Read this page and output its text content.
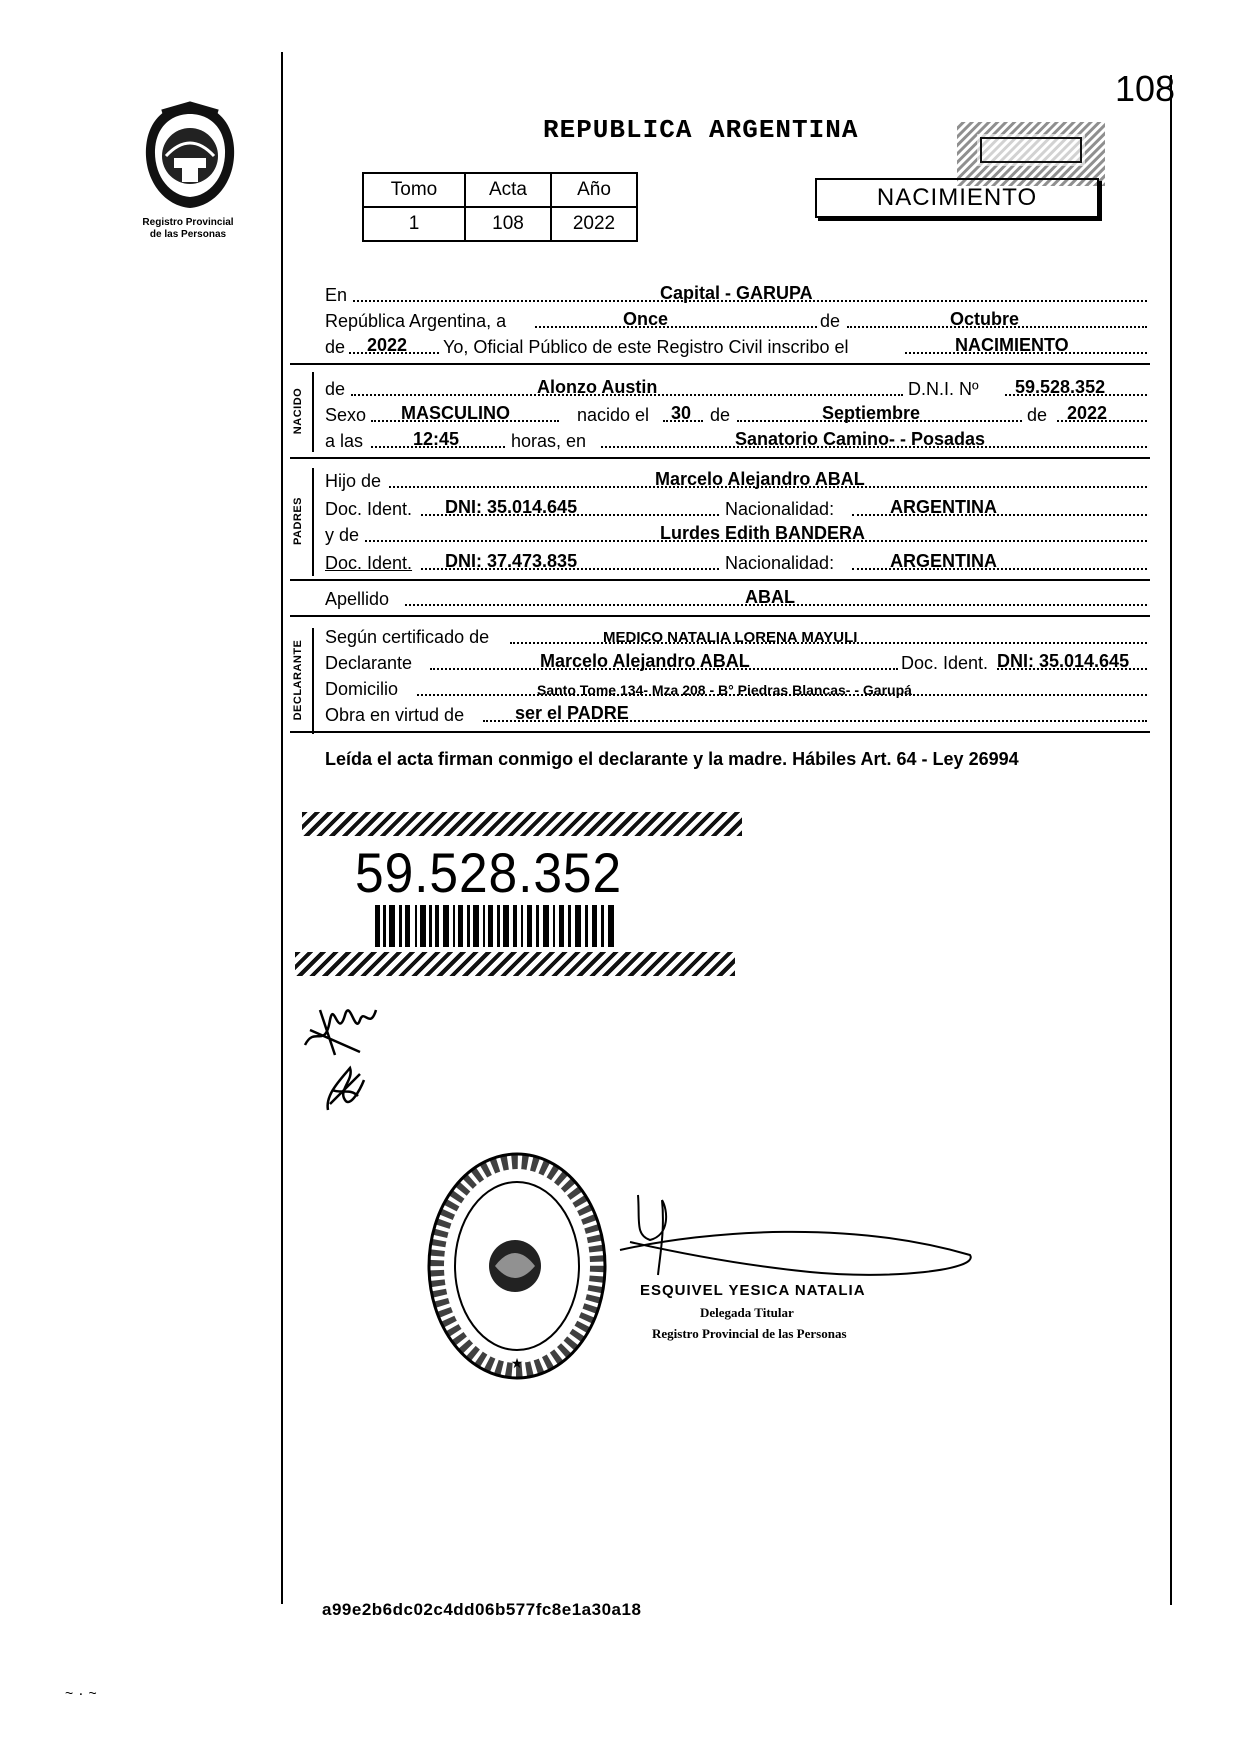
Registro Provincial
de las Personas
108
REPUBLICA ARGENTINA
Tomo	Acta	Año
1	108	2022
NACIMIENTO
En	Capital - GARUPA
República Argentina, a	Once	de	Octubre
de 2022 Yo, Oficial Público de este Registro Civil inscribo el	NACIMIENTO
NACIDO de	Alonzo Austin	D.N.I. Nº 59.528.352
Sexo MASCULINO	nacido el 30 de	Septiembre	de 2022
a las	12:45	horas, en	Sanatorio Camino- - Posadas
PADRES
Hijo de	Marcelo Alejandro ABAL
Doc. Ident. DNI: 35.014.645	Nacionalidad:	ARGENTINA
y de	Lurdes Edith BANDERA
Doc. Ident. DNI: 37.473.835	Nacionalidad:	ARGENTINA
Apellido	ABAL
DECLARANTE
Según certificado de	MEDICO NATALIA LORENA MAYULI
Declarante	Marcelo Alejandro ABAL	Doc. Ident. DNI: 35.014.645
Domicilio	Santo Tome 134- Mza 208 - B° Piedras Blancas- - Garupá
Obra en virtud de	ser el PADRE
Leída el acta firman conmigo el declarante y la madre. Hábiles Art. 64 - Ley 26994
59.528.352
★
ESQUIVEL YESICA NATALIA
Delegada Titular
Registro Provincial de las Personas
a99e2b6dc02c4dd06b577fc8e1a30a18
~ ٠ ~
